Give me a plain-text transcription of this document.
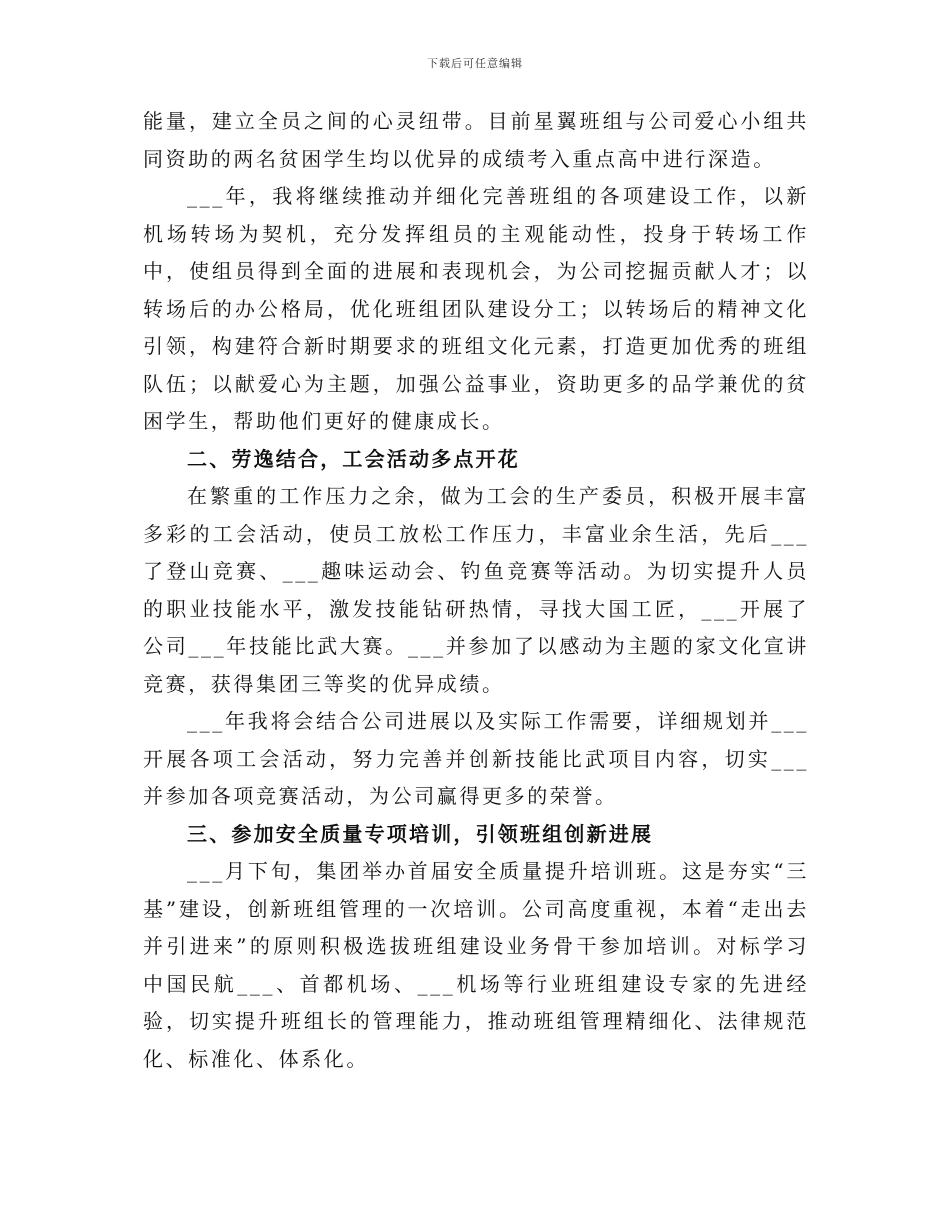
下载后可任意编辑

能量，建立全员之间的心灵纽带。目前星翼班组与公司爱心小组共同资助的两名贫困学生均以优异的成绩考入重点高中进行深造。

___年，我将继续推动并细化完善班组的各项建设工作，以新机场转场为契机，充分发挥组员的主观能动性，投身于转场工作中，使组员得到全面的进展和表现机会，为公司挖掘贡献人才；以转场后的办公格局，优化班组团队建设分工；以转场后的精神文化引领，构建符合新时期要求的班组文化元素，打造更加优秀的班组队伍；以献爱心为主题，加强公益事业，资助更多的品学兼优的贫困学生，帮助他们更好的健康成长。

二、劳逸结合，工会活动多点开花

在繁重的工作压力之余，做为工会的生产委员，积极开展丰富多彩的工会活动，使员工放松工作压力，丰富业余生活，先后___了登山竞赛、___趣味运动会、钓鱼竞赛等活动。为切实提升人员的职业技能水平，激发技能钻研热情，寻找大国工匠，___开展了公司___年技能比武大赛。___并参加了以感动为主题的家文化宣讲竞赛，获得集团三等奖的优异成绩。

___年我将会结合公司进展以及实际工作需要，详细规划并___开展各项工会活动，努力完善并创新技能比武项目内容，切实___并参加各项竞赛活动，为公司赢得更多的荣誉。

三、参加安全质量专项培训，引领班组创新进展

___月下旬，集团举办首届安全质量提升培训班。这是夯实“三基”建设，创新班组管理的一次培训。公司高度重视，本着“走出去并引进来”的原则积极选拔班组建设业务骨干参加培训。对标学习中国民航___、首都机场、___机场等行业班组建设专家的先进经验，切实提升班组长的管理能力，推动班组管理精细化、法律规范化、标准化、体系化。
